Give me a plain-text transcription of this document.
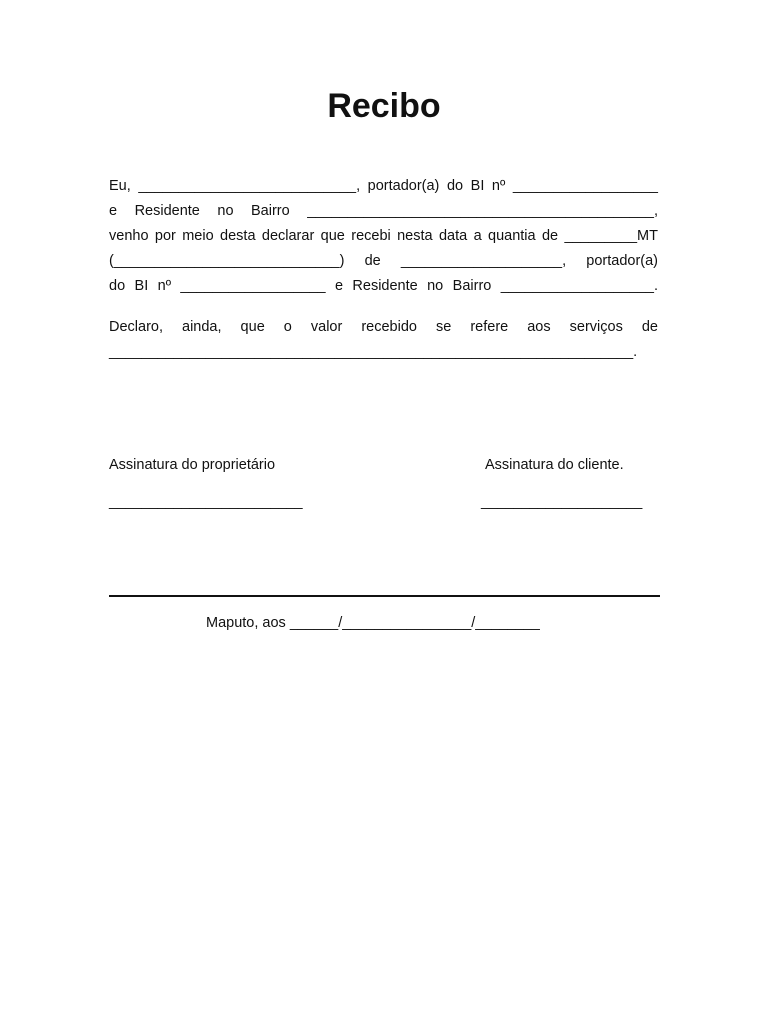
Recibo
Eu, ___________________________, portador(a) do BI nº __________________
e Residente no Bairro ___________________________________________,
venho por meio desta declarar que recebi nesta data a quantia de _________MT
(____________________________) de ____________________, portador(a)
do BI nº __________________ e Residente no Bairro ___________________.
Declaro, ainda, que o valor recebido se refere aos serviços de
_________________________________________________________________.
Assinatura do proprietário	Assinatura do cliente.
________________________	____________________
Maputo, aos ______/________________/________
